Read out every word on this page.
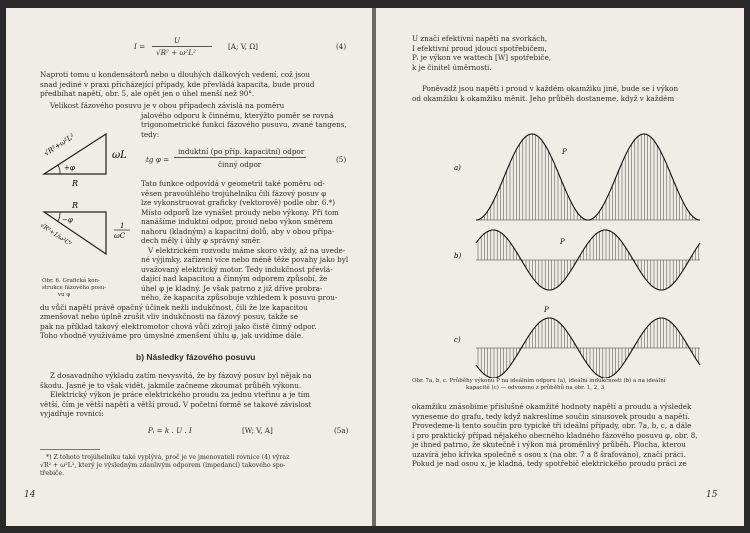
I =
U
√R² + ω²L²
[A; V, Ω]	(4)
Naproti tomu u kondensátorů nebo u dlouhých dálkových vedení, což jsou
snad jediné v praxi přicházející případy, kde převládá kapacita, bude proud
předbíhat napětí, obr. 5, ale opět jen o úhel menší než 90°.
Velikost fázového posuvu je v obou případech závislá na poměru
jalového odporu k činnému, kterýžto poměr se rovná
trigonometrické funkci fázového posuvu, zvané tangens,
tedy:
tg φ =
induktní (po příp. kapacitní) odpor
činný odpor
(5)
√R²+ω²L²	ωL
+φ
R
R
−φ
√R²+1/ω²C²	1
ωC
Obr. 6. Grafická kon-
strukce fázového posu-
vu φ
Tato funkce odpovídá v geometrii také poměru od-
věsen pravoúhlého trojúhelníku čili fázový posuv φ
lze vykonstruovat graficky (vektorově) podle obr. 6.*)
Místo odporů lze vynášet proudy nebo výkony. Při tom
nanášíme induktní odpor, proud nebo výkon směrem
nahoru (kladným) a kapacitní dolů, aby v obou přípa-
dech měly i úhly φ správný směr.
V elektrickém rozvodu máme skoro vždy, až na uvede-
né výjimky, zařízení více nebo méně těže povahy jako byl
uvažovaný elektrický motor. Tedy indukčnost převlá-
dající nad kapacitou a činným odporem způsobí, že
úhel φ je kladný. Je však patrno z již dříve probra-
ného, že kapacita způsobuje vzhledem k posuvu prou-
du vůči napětí právě opačný účinek nežli indukčnost, čili že lze kapacitou
zmenšovat nebo úplně zrušit vliv indukčnosti na fázový posuv, takže se
pak na příklad takový elektromotor chová vůči zdroji jako čistě činný odpor.
Toho vhodně využíváme pro úmyslné zmenšení úhlu φ, jak uvidíme dále.
b) Následky fázového posuvu
Z dosavadního výkladu zatím nevysvítá, že by fázový posuv byl nějak na
škodu. Jasně je to však vidět, jakmile začneme zkoumat průběh výkonu.
Elektrický výkon je práce elektrického proudu za jednu vteřinu a je tím
větší, čím je větší napětí a větší proud. V početní formě se takové závislost
vyjadřuje rovnicí:
Pᵢ = k . U . I	[W; V, A]	(5a)
*) Z tohoto trojúhelníku také vyplývá, proč je ve jmenovateli rovnice (4) výraz
√R² + ω²L², který je výsledným zdánlivým odporem (impedancí) takového spo-
třebiče.
14
U značí efektivní napětí na svorkách,
I efektivní proud jdoucí spotřebičem,
Pᵢ je výkon ve wattech [W] spotřebiče,
k je činitel úměrnosti.
Poněvadž jsou napětí i proud v každém okamžiku jiné, bude se i výkon
od okamžiku k okamžiku měnit. Jeho průběh dostaneme, když v každém
a)
b)
c)
P
P
P
Obr. 7a, b, c. Průběhy výkonu P na ideálním odporu (a), ideální indukčnosti (b) a na ideální
kapacitě (c) — odvozeno z průběhů na obr. 1, 2, 3
okamžiku znásobíme příslušné okamžité hodnoty napětí a proudu a výsledek
vyneseme do grafu, tedy když nakreslíme součin sinusovek proudu a napětí.
Provedeme-li tento součin pro typické tři ideální případy, obr. 7a, b, c, a dále
i pro praktický případ nějakého obecného kladného fázového posuvu φ, obr. 8,
je ihned patrno, že skutečně i výkon má proměnlivý průběh. Plocha, kterou
uzavírá jeho křivka společně s osou x (na obr. 7 a 8 šrafováno), značí práci.
Pokud je nad osou x, je kladná, tedy spotřebič elektrického proudu práci ze
15
